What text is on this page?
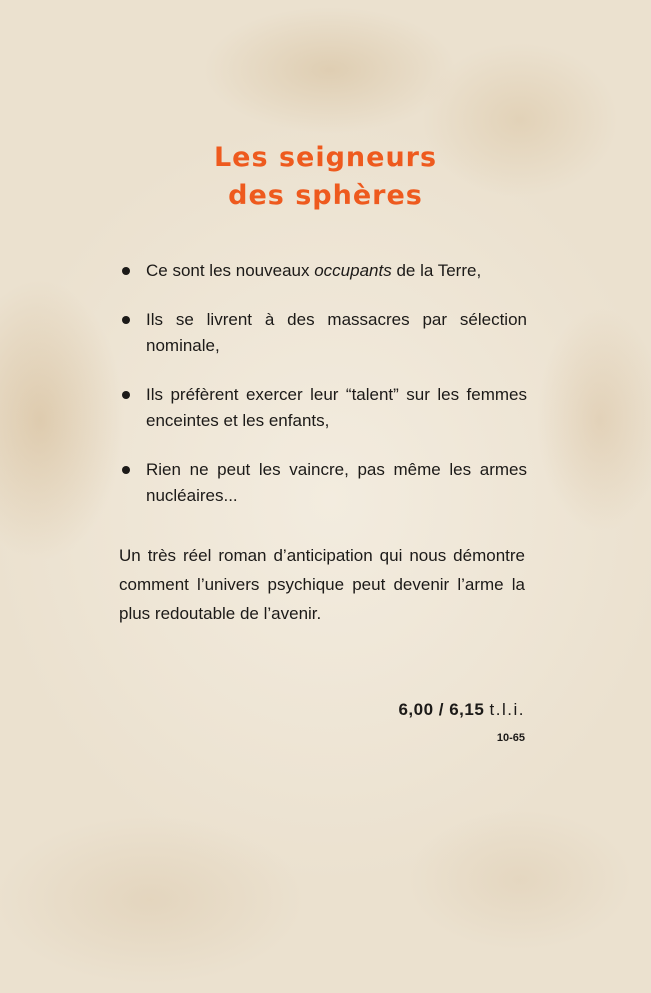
Les seigneurs
des sphères
Ce sont les nouveaux occupants de la Terre,
Ils se livrent à des massacres par sélection nominale,
Ils préfèrent exercer leur “talent” sur les femmes enceintes et les enfants,
Rien ne peut les vaincre, pas même les armes nucléaires...

Un très réel roman d’anticipation qui nous démontre comment l’univers psychique peut devenir l’arme la plus redoutable de l’avenir.

6,00 / 6,15 t.l.i.

10-65
